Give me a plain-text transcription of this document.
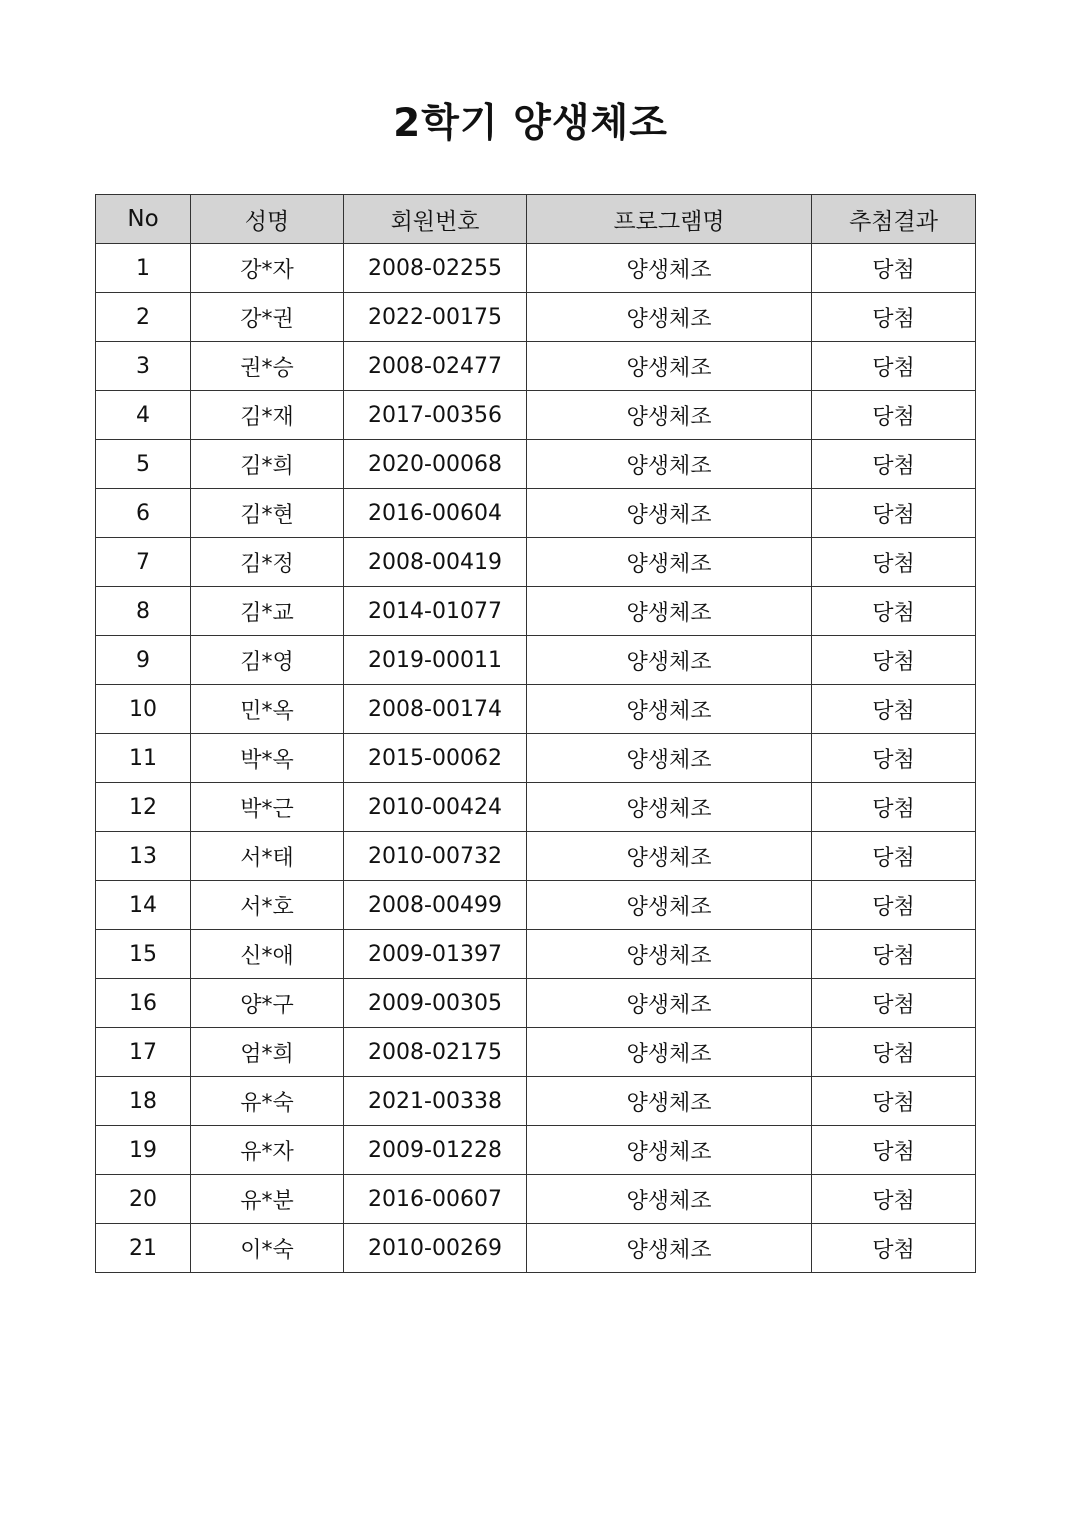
2학기 양생체조
No	성명	회원번호	프로그램명	추첨결과
1	강*자	2008-02255	양생체조	당첨
2	강*권	2022-00175	양생체조	당첨
3	권*승	2008-02477	양생체조	당첨
4	김*재	2017-00356	양생체조	당첨
5	김*희	2020-00068	양생체조	당첨
6	김*현	2016-00604	양생체조	당첨
7	김*정	2008-00419	양생체조	당첨
8	김*교	2014-01077	양생체조	당첨
9	김*영	2019-00011	양생체조	당첨
10	민*옥	2008-00174	양생체조	당첨
11	박*옥	2015-00062	양생체조	당첨
12	박*근	2010-00424	양생체조	당첨
13	서*태	2010-00732	양생체조	당첨
14	서*호	2008-00499	양생체조	당첨
15	신*애	2009-01397	양생체조	당첨
16	양*구	2009-00305	양생체조	당첨
17	엄*희	2008-02175	양생체조	당첨
18	유*숙	2021-00338	양생체조	당첨
19	유*자	2009-01228	양생체조	당첨
20	유*분	2016-00607	양생체조	당첨
21	이*숙	2010-00269	양생체조	당첨
